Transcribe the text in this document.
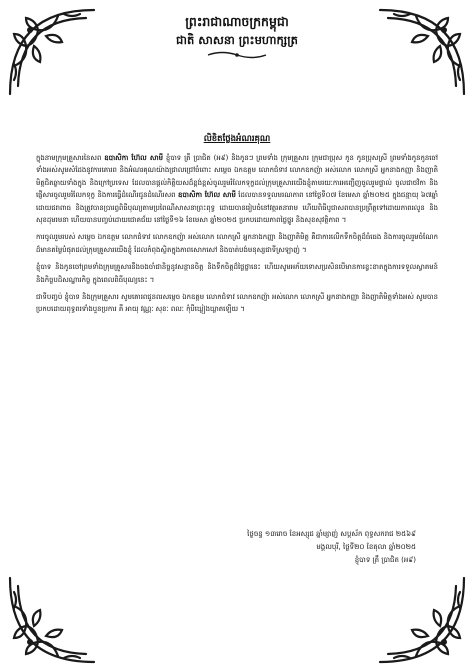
ព្រះរាជាណាចក្រកម្ពុជា
ជាតិ សាសនា ព្រះមហាក្សត្រ
លិខិតថ្លែងអំណរគុណ

ក្នុងនាមក្រុមគ្រួសារនៃសព ឧបាសិកា ហ៊ែល សាមី ខ្ញុំបាទ ត្រឹ ប្រាជិត (អ៩) និងកូនៗ ព្រមទាំង ក្រុមគ្រួសារ ក្រុមជាប្រុស កូន កូនប្រុសស្រី ព្រមទាំងកូនកូនចៅទាំងអស់សូមសំដែងនូវការគោរព និងអំណរគុណយ៉ាងជ្រាលជ្រៅចំពោះ សម្តេច ឯកឧត្តម លោកជំទាវ លោកឧកញ៉ា អស់លោក លោកស្រី អ្នកនាងកញ្ញា និងញាតិមិត្តជិតឆ្ងាយទាំងក្នុង និងក្រៅប្រទេស ដែលបានផ្តល់កិត្តិយសដ៏ខ្ពង់ខ្ពស់ចូលរួមរំលែកទុក្ខដល់ក្រុមគ្រួសារយើងខ្ញុំតាមរយៈការអញ្ជើញចូលរួមផ្ទាល់ ចូលជាថវិកា និងផ្ញើសារចូលរួមរំលែកទុក្ខ និងការធ្វើដំណើរជូនដំណើរសព ឧបាសិកា ហ៊ែល សាមី ដែលបានទទួលមរណភាព នៅថ្ងៃទី០៧ ខែមេសា ឆ្នាំ២០២៥ ក្នុងជន្មាយុ ៦៧ឆ្នាំ ដោយជរាពាធ និងត្រូវបានប្រារព្ធពិធីបុណ្យតាមប្រពៃណីសាសនាព្រះពុទ្ធ ដោយបានរៀបចំនៅវត្តរតនារាម ហើយពិធីបូជាសពបានប្រព្រឹត្តទៅដោយភាពរលូន និងសុខដុមរមនា ហើយបានបញ្ចប់ដោយជោគជ័យ នៅថ្ងៃទី១៦ ខែមេសា ឆ្នាំ២០២៥ ប្រកបដោយភាពថ្លៃថ្នូរ និងសុខសុវត្ថិភាព ។

ការចូលរួមរបស់ សម្តេច ឯកឧត្តម លោកជំទាវ លោកឧកញ៉ា អស់លោក លោកស្រី អ្នកនាងកញ្ញា និងញាតិមិត្ត គឺជាការលើកទឹកចិត្តដ៏ធំធេង និងការចូលរួមចំណែកដ៏មានតម្លៃបំផុតដល់ក្រុមគ្រួសារយើងខ្ញុំ ដែលកំពុងស្ថិតក្នុងភាពសោកសៅ និងបាត់បង់មនុស្សជាទីស្រឡាញ់ ។

ខ្ញុំបាទ និងកូនចៅព្រមទាំងក្រុមគ្រួសារនឹងចងចាំជានិច្ចនូវសន្តានចិត្ត និងទឹកចិត្តដ៏ថ្លៃថ្លានេះ ហើយសូមអភ័យទោសប្រសិនបើមានការខ្វះខាតក្នុងការទទួលស្វាគមន៍ និងកិច្ចបដិសណ្ឋារកិច្ច ក្នុងពេលពិធីបុណ្យនេះ ។

ជាទីបញ្ចប់ ខ្ញុំបាទ និងក្រុមគ្រួសារ សូមគោរពជូនពរសម្តេច ឯកឧត្តម លោកជំទាវ លោកឧកញ៉ា អស់លោក លោកស្រី អ្នកនាងកញ្ញា និងញាតិមិត្តទាំងអស់ សូមបានប្រកបដោយពុទ្ធពរទាំងបួនប្រការ គឺ អាយុ វណ្ណៈ សុខៈ ពលៈ កុំបីឃ្លៀងឃ្លាតឡើយ ។

ថ្ងៃចន្ទ ១៣រោច ខែអស្សុជ ឆ្នាំម្សាញ់ សប្តស័ក ពុទ្ធសករាជ ២៥៦៩
មង្គលបុរី, ថ្ងៃទី២០ ខែតុលា ឆ្នាំ២០២៥
ខ្ញុំបាទ ត្រឹ ប្រាជិត (អ៩)
